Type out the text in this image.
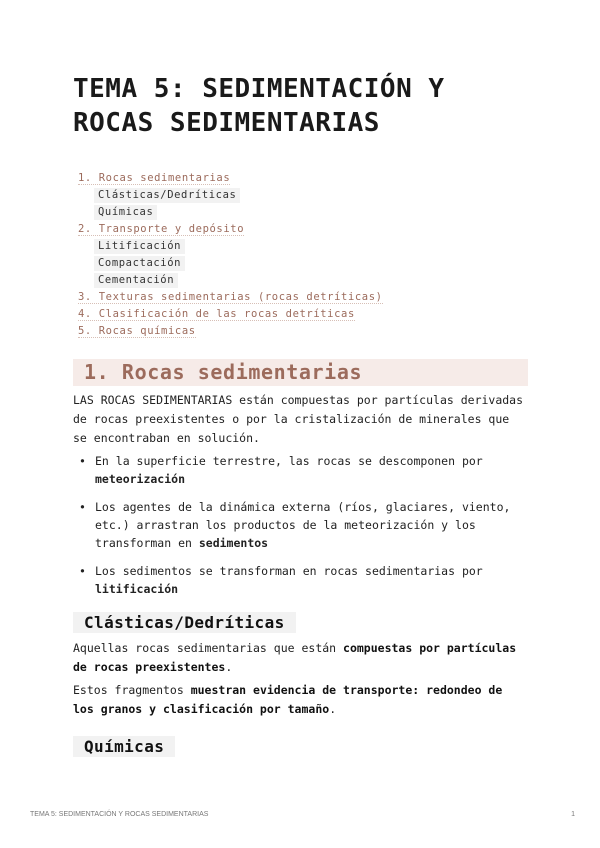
TEMA 5: SEDIMENTACIÓN Y
ROCAS SEDIMENTARIAS
1. Rocas sedimentarias
Clásticas/Dedríticas
Químicas
2. Transporte y depósito
Litificación
Compactación
Cementación
3. Texturas sedimentarias (rocas detríticas)
4. Clasificación de las rocas detríticas
5. Rocas químicas
1. Rocas sedimentarias
LAS ROCAS SEDIMENTARIAS están compuestas por partículas derivadas de rocas preexistentes o por la cristalización de minerales que se encontraban en solución.
• En la superficie terrestre, las rocas se descomponen por meteorización
• Los agentes de la dinámica externa (ríos, glaciares, viento, etc.) arrastran los productos de la meteorización y los transforman en sedimentos
• Los sedimentos se transforman en rocas sedimentarias por litificación
Clásticas/Dedríticas
Aquellas rocas sedimentarias que están compuestas por partículas de rocas preexistentes.
Estos fragmentos muestran evidencia de transporte: redondeo de los granos y clasificación por tamaño.
Químicas
TEMA 5: SEDIMENTACIÓN Y ROCAS SEDIMENTARIAS	1
